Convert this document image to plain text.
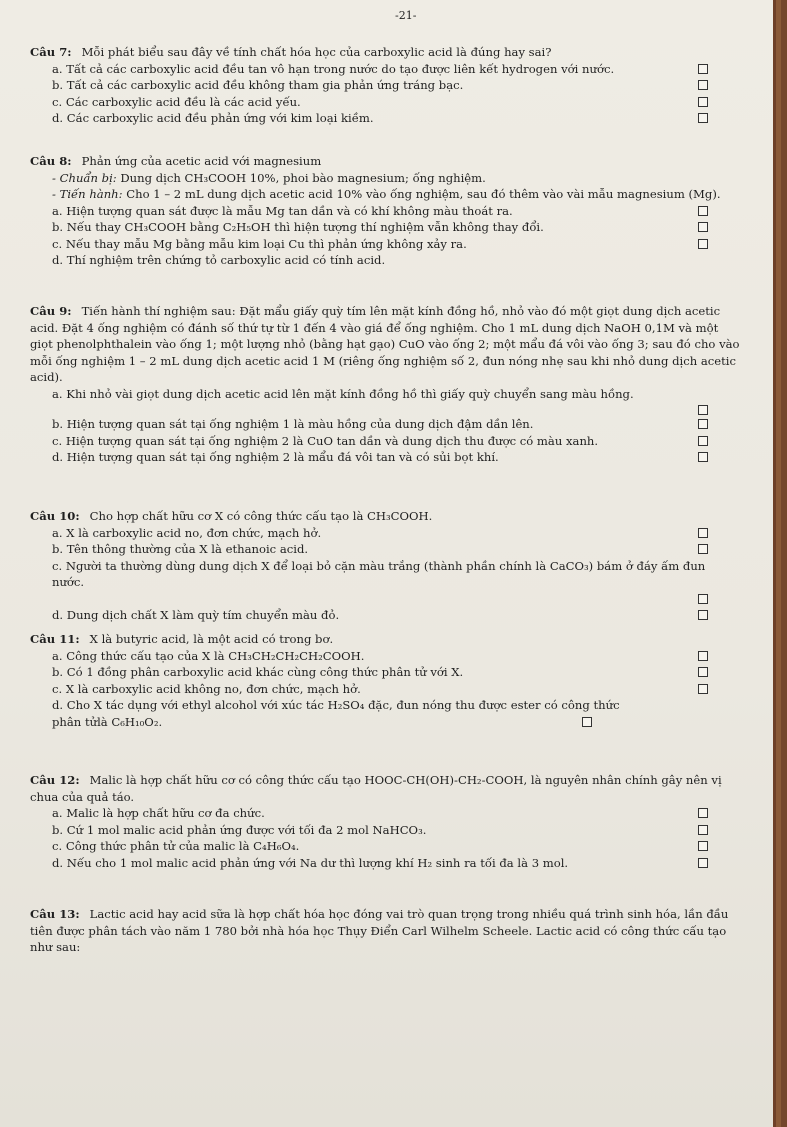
-21-

Câu 7: Mỗi phát biểu sau đây về tính chất hóa học của carboxylic acid là đúng hay sai?

a. Tất cả các carboxylic acid đều tan vô hạn trong nước do tạo được liên kết hydrogen với nước.
b. Tất cả các carboxylic acid đều không tham gia phản ứng tráng bạc.
c. Các carboxylic acid đều là các acid yếu.
d. Các carboxylic acid đều phản ứng với kim loại kiềm.

Câu 8: Phản ứng của acetic acid với magnesium

- Chuẩn bị: Dung dịch CH₃COOH 10%, phoi bào magnesium; ống nghiệm.

- Tiến hành: Cho 1 – 2 mL dung dịch acetic acid 10% vào ống nghiệm, sau đó thêm vào vài mẫu magnesium (Mg).

a. Hiện tượng quan sát được là mẫu Mg tan dần và có khí không màu thoát ra.
b. Nếu thay CH₃COOH bằng C₂H₅OH thì hiện tượng thí nghiệm vẫn không thay đổi.
c. Nếu thay mẫu Mg bằng mẫu kim loại Cu thì phản ứng không xảy ra.
d. Thí nghiệm trên chứng tỏ carboxylic acid có tính acid.

Câu 9: Tiến hành thí nghiệm sau: Đặt mẩu giấy quỳ tím lên mặt kính đồng hồ, nhỏ vào đó một giọt dung dịch acetic acid. Đặt 4 ống nghiệm có đánh số thứ tự từ 1 đến 4 vào giá để ống nghiệm. Cho 1 mL dung dịch NaOH 0,1M và một giọt phenolphthalein vào ống 1; một lượng nhỏ (bằng hạt gạo) CuO vào ống 2; một mẩu đá vôi vào ống 3; sau đó cho vào mỗi ống nghiệm 1 – 2 mL dung dịch acetic acid 1 M (riêng ống nghiệm số 2, đun nóng nhẹ sau khi nhỏ dung dịch acetic acid).

a. Khi nhỏ vài giọt dung dịch acetic acid lên mặt kính đồng hồ thì giấy quỳ chuyển sang màu hồng.
b. Hiện tượng quan sát tại ống nghiệm 1 là màu hồng của dung dịch đậm dần lên.
c. Hiện tượng quan sát tại ống nghiệm 2 là CuO tan dần và dung dịch thu được có màu xanh.
d. Hiện tượng quan sát tại ống nghiệm 2 là mẩu đá vôi tan và có sủi bọt khí.

Câu 10: Cho hợp chất hữu cơ X có công thức cấu tạo là CH₃COOH.

a. X là carboxylic acid no, đơn chức, mạch hở.
b. Tên thông thường của X là ethanoic acid.
c. Người ta thường dùng dung dịch X để loại bỏ cặn màu trắng (thành phần chính là CaCO₃) bám ở đáy ấm đun nước.

d. Dung dịch chất X làm quỳ tím chuyển màu đỏ.

Câu 11: X là butyric acid, là một acid có trong bơ.

a. Công thức cấu tạo của X là CH₃CH₂CH₂CH₂COOH.
b. Có 1 đồng phân carboxylic acid khác cùng công thức phân tử với X.
c. X là carboxylic acid không no, đơn chức, mạch hở.
d. Cho X tác dụng với ethyl alcohol với xúc tác H₂SO₄ đặc, đun nóng thu được ester có công thức
phân tửlà C₆H₁₀O₂.

Câu 12: Malic là hợp chất hữu cơ có công thức cấu tạo HOOC-CH(OH)-CH₂-COOH, là nguyên nhân chính gây nên vị chua của quả táo.

a. Malic là hợp chất hữu cơ đa chức.
b. Cứ 1 mol malic acid phản ứng được với tối đa 2 mol NaHCO₃.
c. Công thức phân tử của malic là C₄H₆O₄.
d. Nếu cho 1 mol malic acid phản ứng với Na dư thì lượng khí H₂ sinh ra tối đa là 3 mol.

Câu 13: Lactic acid hay acid sữa là hợp chất hóa học đóng vai trò quan trọng trong nhiều quá trình sinh hóa, lần đầu tiên được phân tách vào năm 1 780 bởi nhà hóa học Thụy Điển Carl Wilhelm Scheele. Lactic acid có công thức cấu tạo như sau:
